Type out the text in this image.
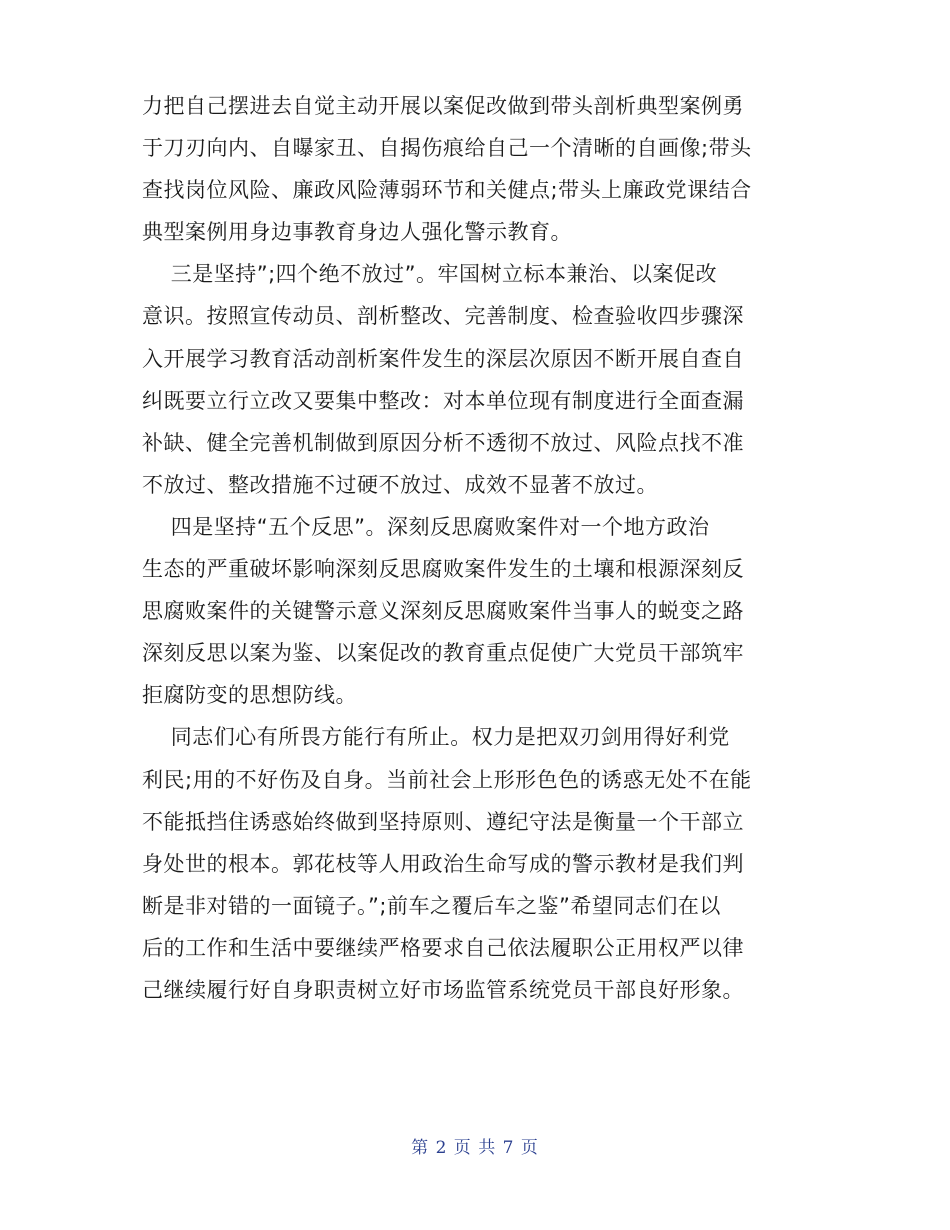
力把自己摆进去自觉主动开展以案促改做到带头剖析典型案例勇
于刀刃向内、自曝家丑、自揭伤痕给自己一个清晰的自画像;带头
查找岗位风险、廉政风险薄弱环节和关健点;带头上廉政党课结合
典型案例用身边事教育身边人强化警示教育。
三是坚持”;四个绝不放过”。牢国树立标本兼治、以案促改
意识。按照宣传动员、剖析整改、完善制度、检查验收四步骤深
入开展学习教育活动剖析案件发生的深层次原因不断开展自查自
纠既要立行立改又要集中整改：对本单位现有制度进行全面查漏
补缺、健全完善机制做到原因分析不透彻不放过、风险点找不准
不放过、整改措施不过硬不放过、成效不显著不放过。
四是坚持“五个反思”。深刻反思腐败案件对一个地方政治
生态的严重破坏影响深刻反思腐败案件发生的土壤和根源深刻反
思腐败案件的关键警示意义深刻反思腐败案件当事人的蜕变之路
深刻反思以案为鉴、以案促改的教育重点促使广大党员干部筑牢
拒腐防变的思想防线。
同志们心有所畏方能行有所止。权力是把双刃剑用得好利党
利民;用的不好伤及自身。当前社会上形形色色的诱惑无处不在能
不能抵挡住诱惑始终做到坚持原则、遵纪守法是衡量一个干部立
身处世的根本。郭花枝等人用政治生命写成的警示教材是我们判
断是非对错的一面镜子。”;前车之覆后车之鉴”希望同志们在以
后的工作和生活中要继续严格要求自己依法履职公正用权严以律
己继续履行好自身职责树立好市场监管系统党员干部良好形象。
第 2 页 共 7 页
